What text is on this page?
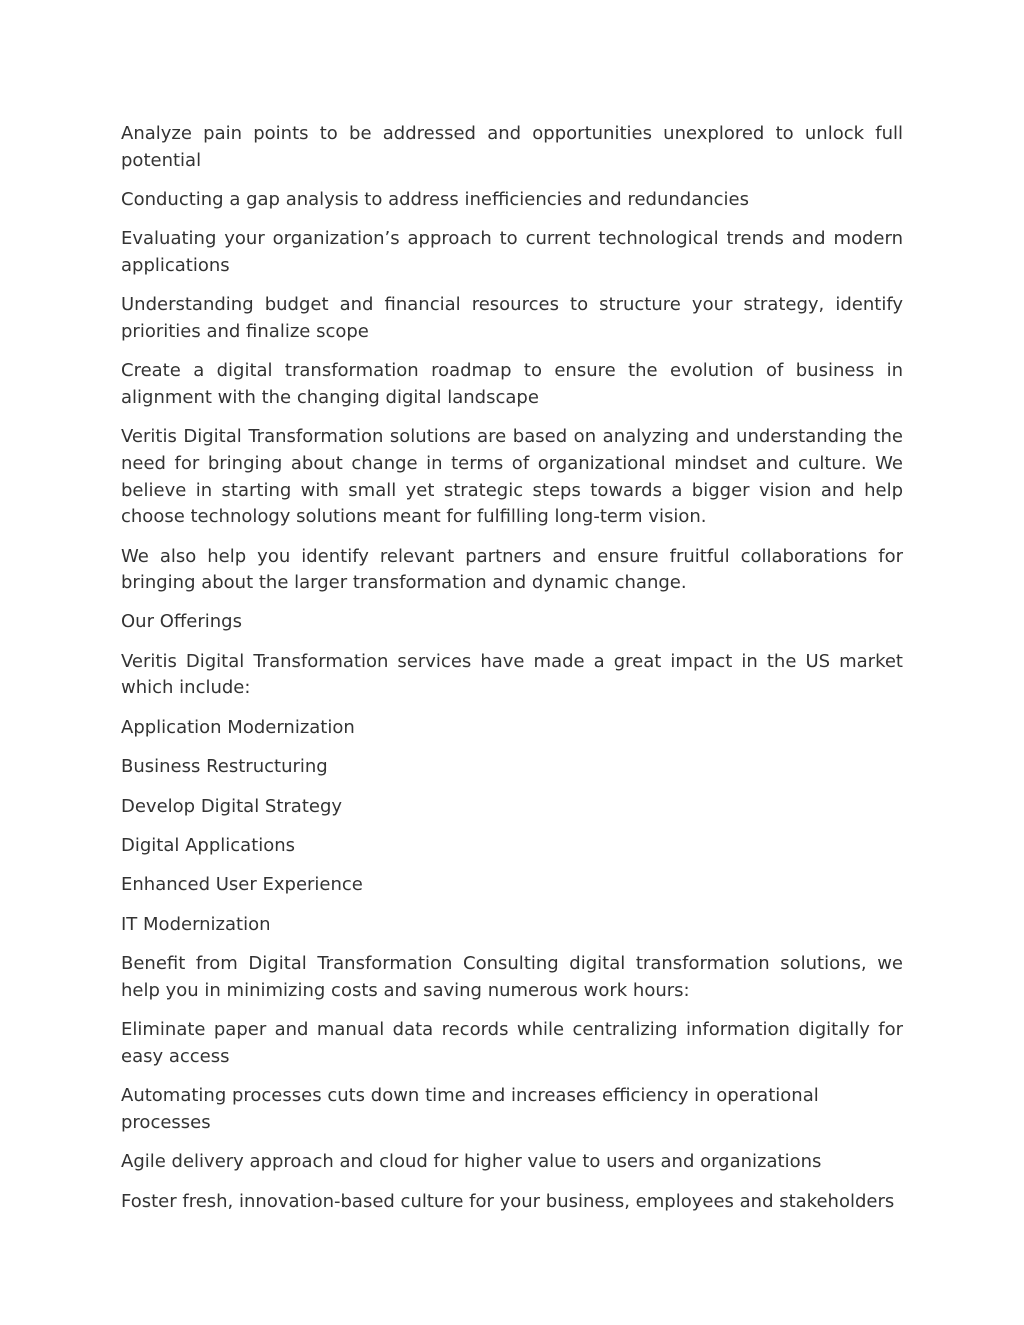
Analyze pain points to be addressed and opportunities unexplored to unlock full potential

Conducting a gap analysis to address inefficiencies and redundancies

Evaluating your organization’s approach to current technological trends and modern applications

Understanding budget and financial resources to structure your strategy, identify priorities and finalize scope

Create a digital transformation roadmap to ensure the evolution of business in alignment with the changing digital landscape

Veritis Digital Transformation solutions are based on analyzing and understanding the need for bringing about change in terms of organizational mindset and culture. We believe in starting with small yet strategic steps towards a bigger vision and help choose technology solutions meant for fulfilling long-term vision.

We also help you identify relevant partners and ensure fruitful collaborations for bringing about the larger transformation and dynamic change.

Our Offerings

Veritis Digital Transformation services have made a great impact in the US market which include:

Application Modernization

Business Restructuring

Develop Digital Strategy

Digital Applications

Enhanced User Experience

IT Modernization

Benefit from Digital Transformation Consulting digital transformation solutions, we help you in minimizing costs and saving numerous work hours:

Eliminate paper and manual data records while centralizing information digitally for easy access

Automating processes cuts down time and increases efficiency in operational processes

Agile delivery approach and cloud for higher value to users and organizations

Foster fresh, innovation-based culture for your business, employees and stakeholders
